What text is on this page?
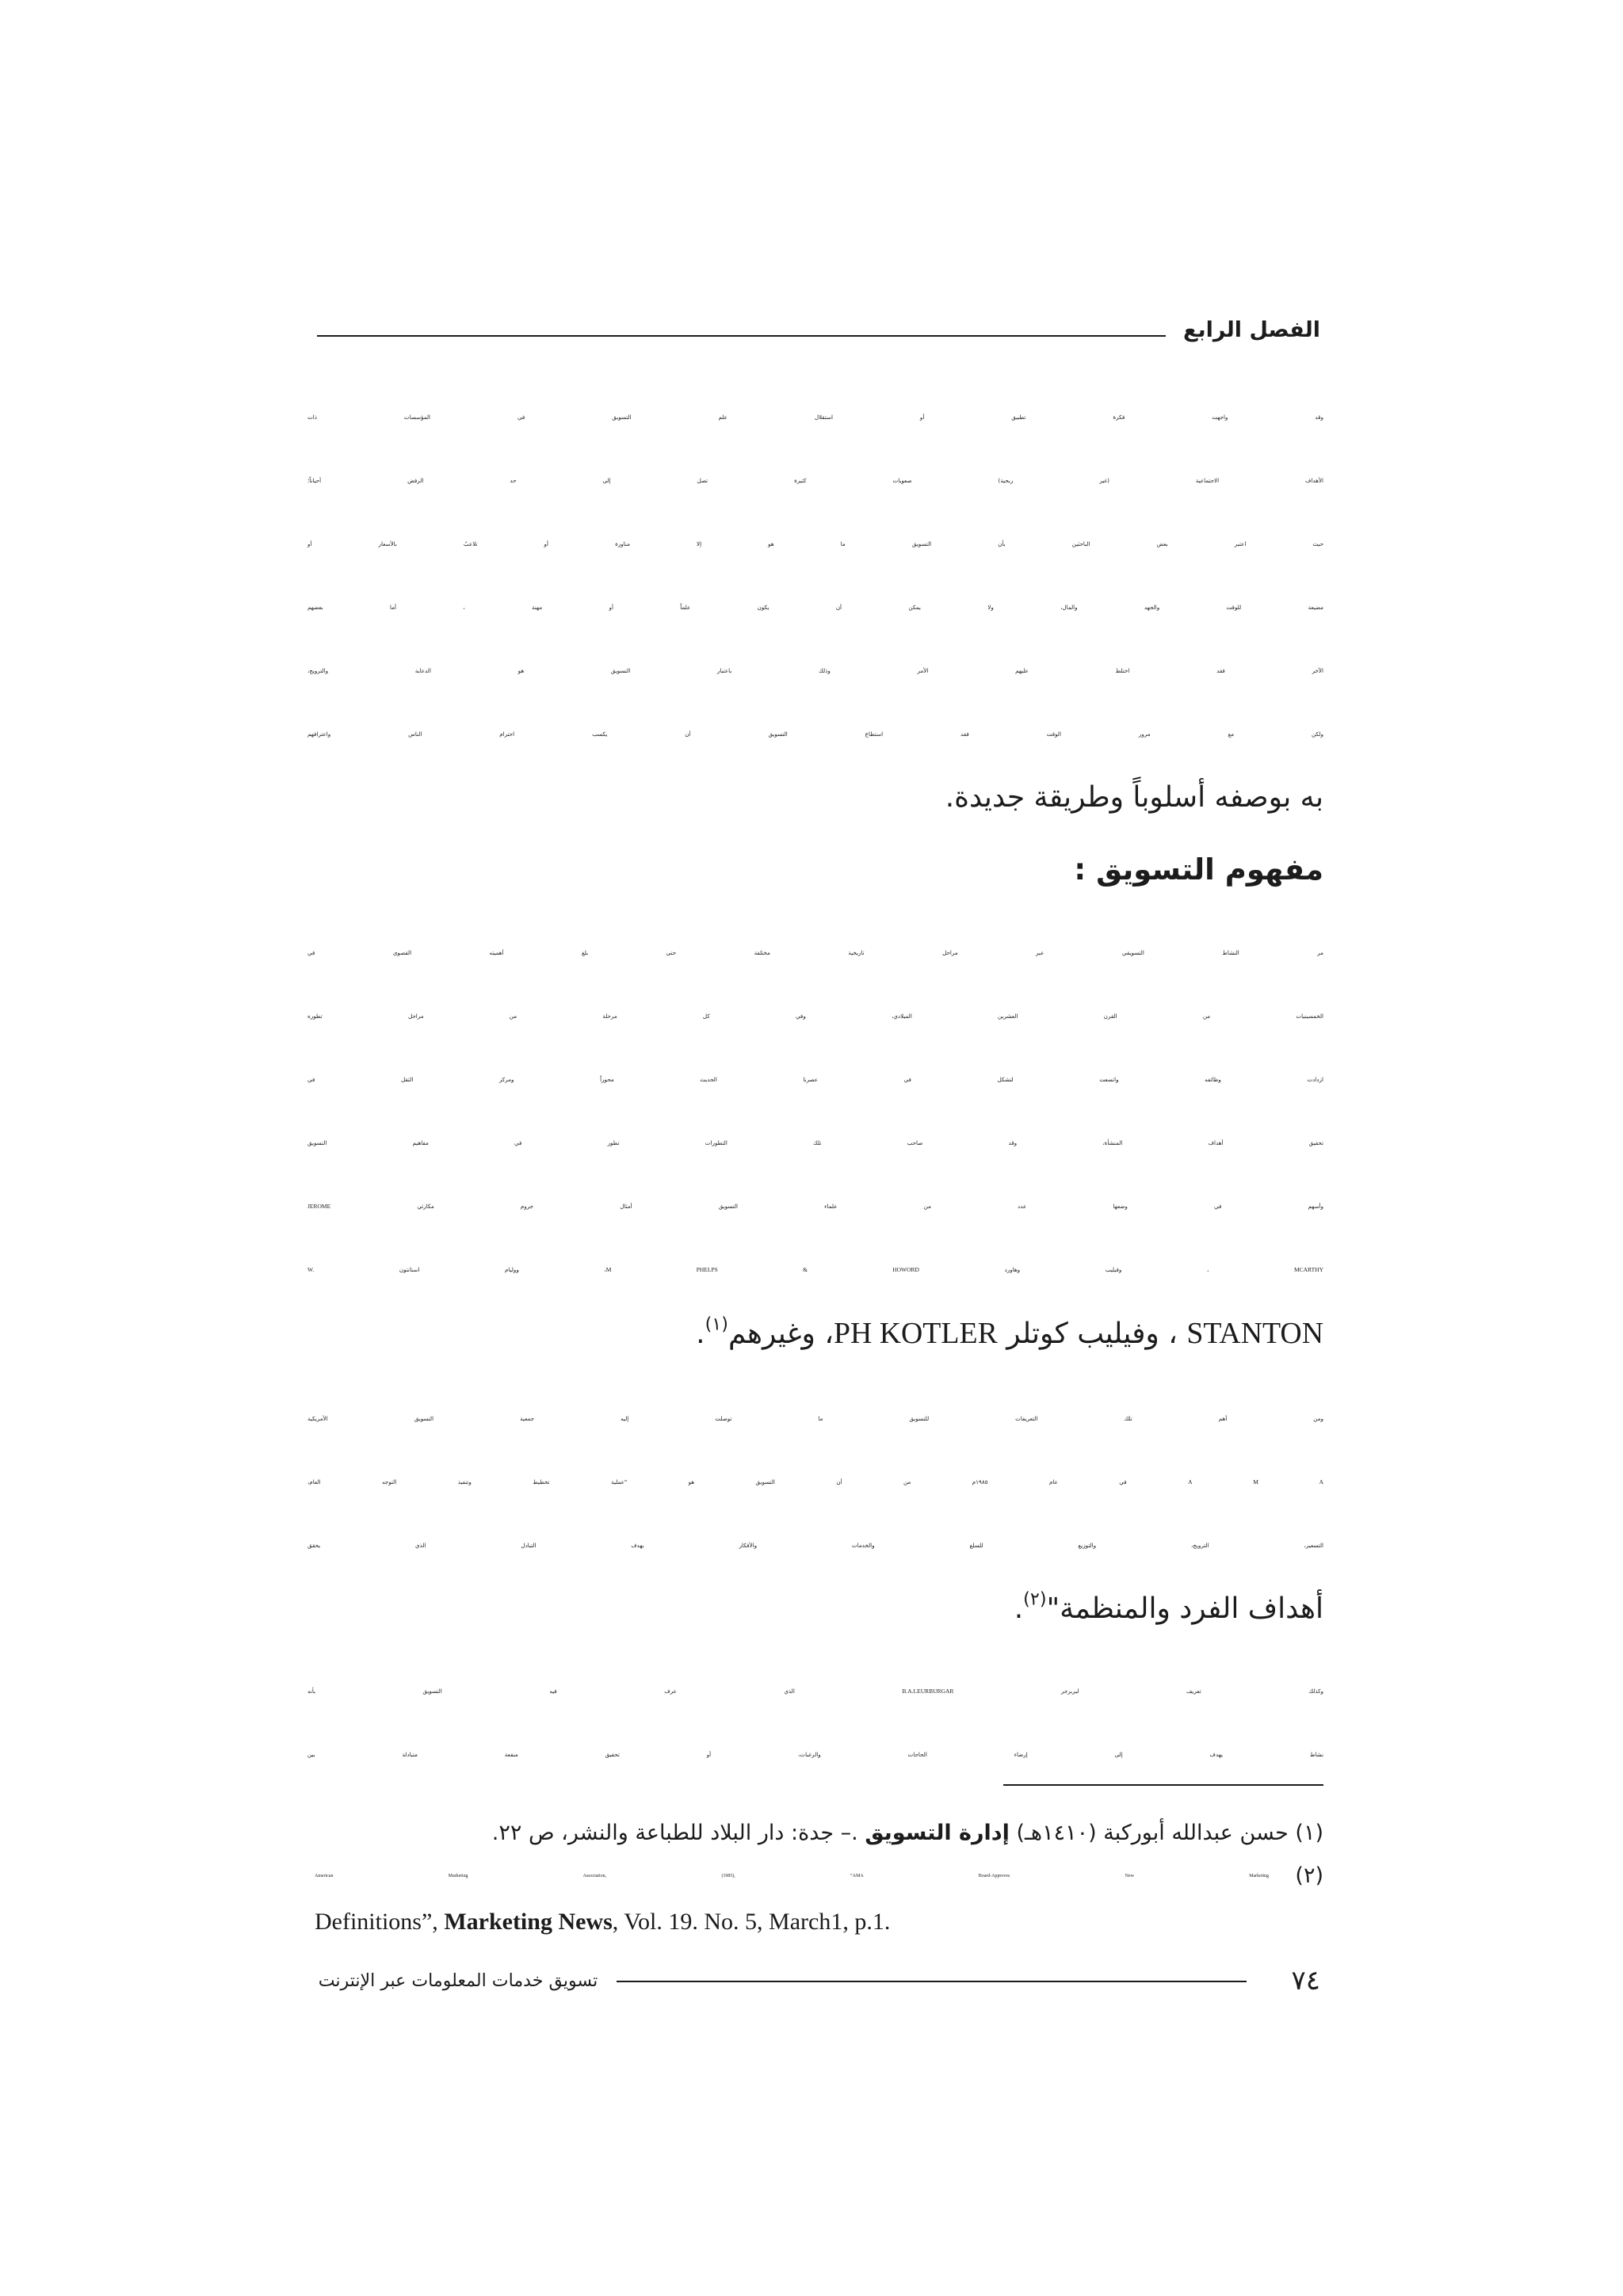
الفصل الرابع
وقد واجهت فكرة تطبيق أو استقلال علم التسويق في المؤسسات ذات
الأهداف الاجتماعية (غير ربحية) صعوبات كثيرة تصل إلى حد الرفض أحياناً؛
حيث اعتبر بعض الباحثين بأن التسويق ما هو إلا مناورة أو تلاعبٌ بالأسعار أو
مضيعة للوقت والجهد والمال، ولا يمكن أن يكون علماً أو مهنة ، أما بعضهم
الآخر فقد اختلط عليهم الأمر وذلك باعتبار التسويق هو الدعاية والترويج،
ولكن مع مرور الوقت فقد استطاع التسويق أن يكسب احترام الناس واعترافهم
به بوصفه أسلوباً وطريقة جديدة.
مفهوم التسويق :
مر النشاط التسويقي عبر مراحل تاريخية مختلفة حتى بلغ أهميته القصوى في
الخمسينيات من القرن العشرين الميلادي، وفي كل مرحلة من مراحل تطوره
ازدادت وظائفه واتسعت لتشكل في عصرنا الحديث محوراً ومركز الثقل في
تحقيق أهداف المنشأة، وقد صاحب تلك التطورات تطور في مفاهيم التسويق
وأسهم في وضعها عدد من علماء التسويق أمثال جروم مكارثي JEROME
MCARTHY ، وفيليب وهاورد M PHELPS & HOWORD، ووليام استانتون W.
STANTON ، وفيليب كوتلر PH KOTLER، وغيرهم$^{(١)}$.
ومن أهم تلك التعريفات للتسويق ما توصلت إليه جمعية التسويق الأمريكية
A M A في عام ١٩٨٥م من أن التسويق هو "عملية تخطيط وتنفيذ التوجه العام،
التسعير، الترويج، والتوزيع للسلع والخدمات والأفكار بهدف التبادل الذي يحقق
أهداف الفرد والمنظمة"$^{(٢)}$.
وكذلك تعريف لبربرجر B.A.LEURBURGAR الذي عرف فيه التسويق بأنه
نشاط يهدف إلى إرضاء الحاجات والرغبات، أو تحقيق منفعة متبادلة بين
(١) حسن عبدالله أبوركبة (١٤١٠هـ) إدارة التسويق .– جدة: دار البلاد للطباعة والنشر، ص ٢٢.
(٢)
American Marketing Association, (1985), “AMA Board-Approves New Marketing
Definitions”, Marketing News, Vol. 19. No. 5, March1, p.1.
٧٤
تسويق خدمات المعلومات عبر الإنترنت
